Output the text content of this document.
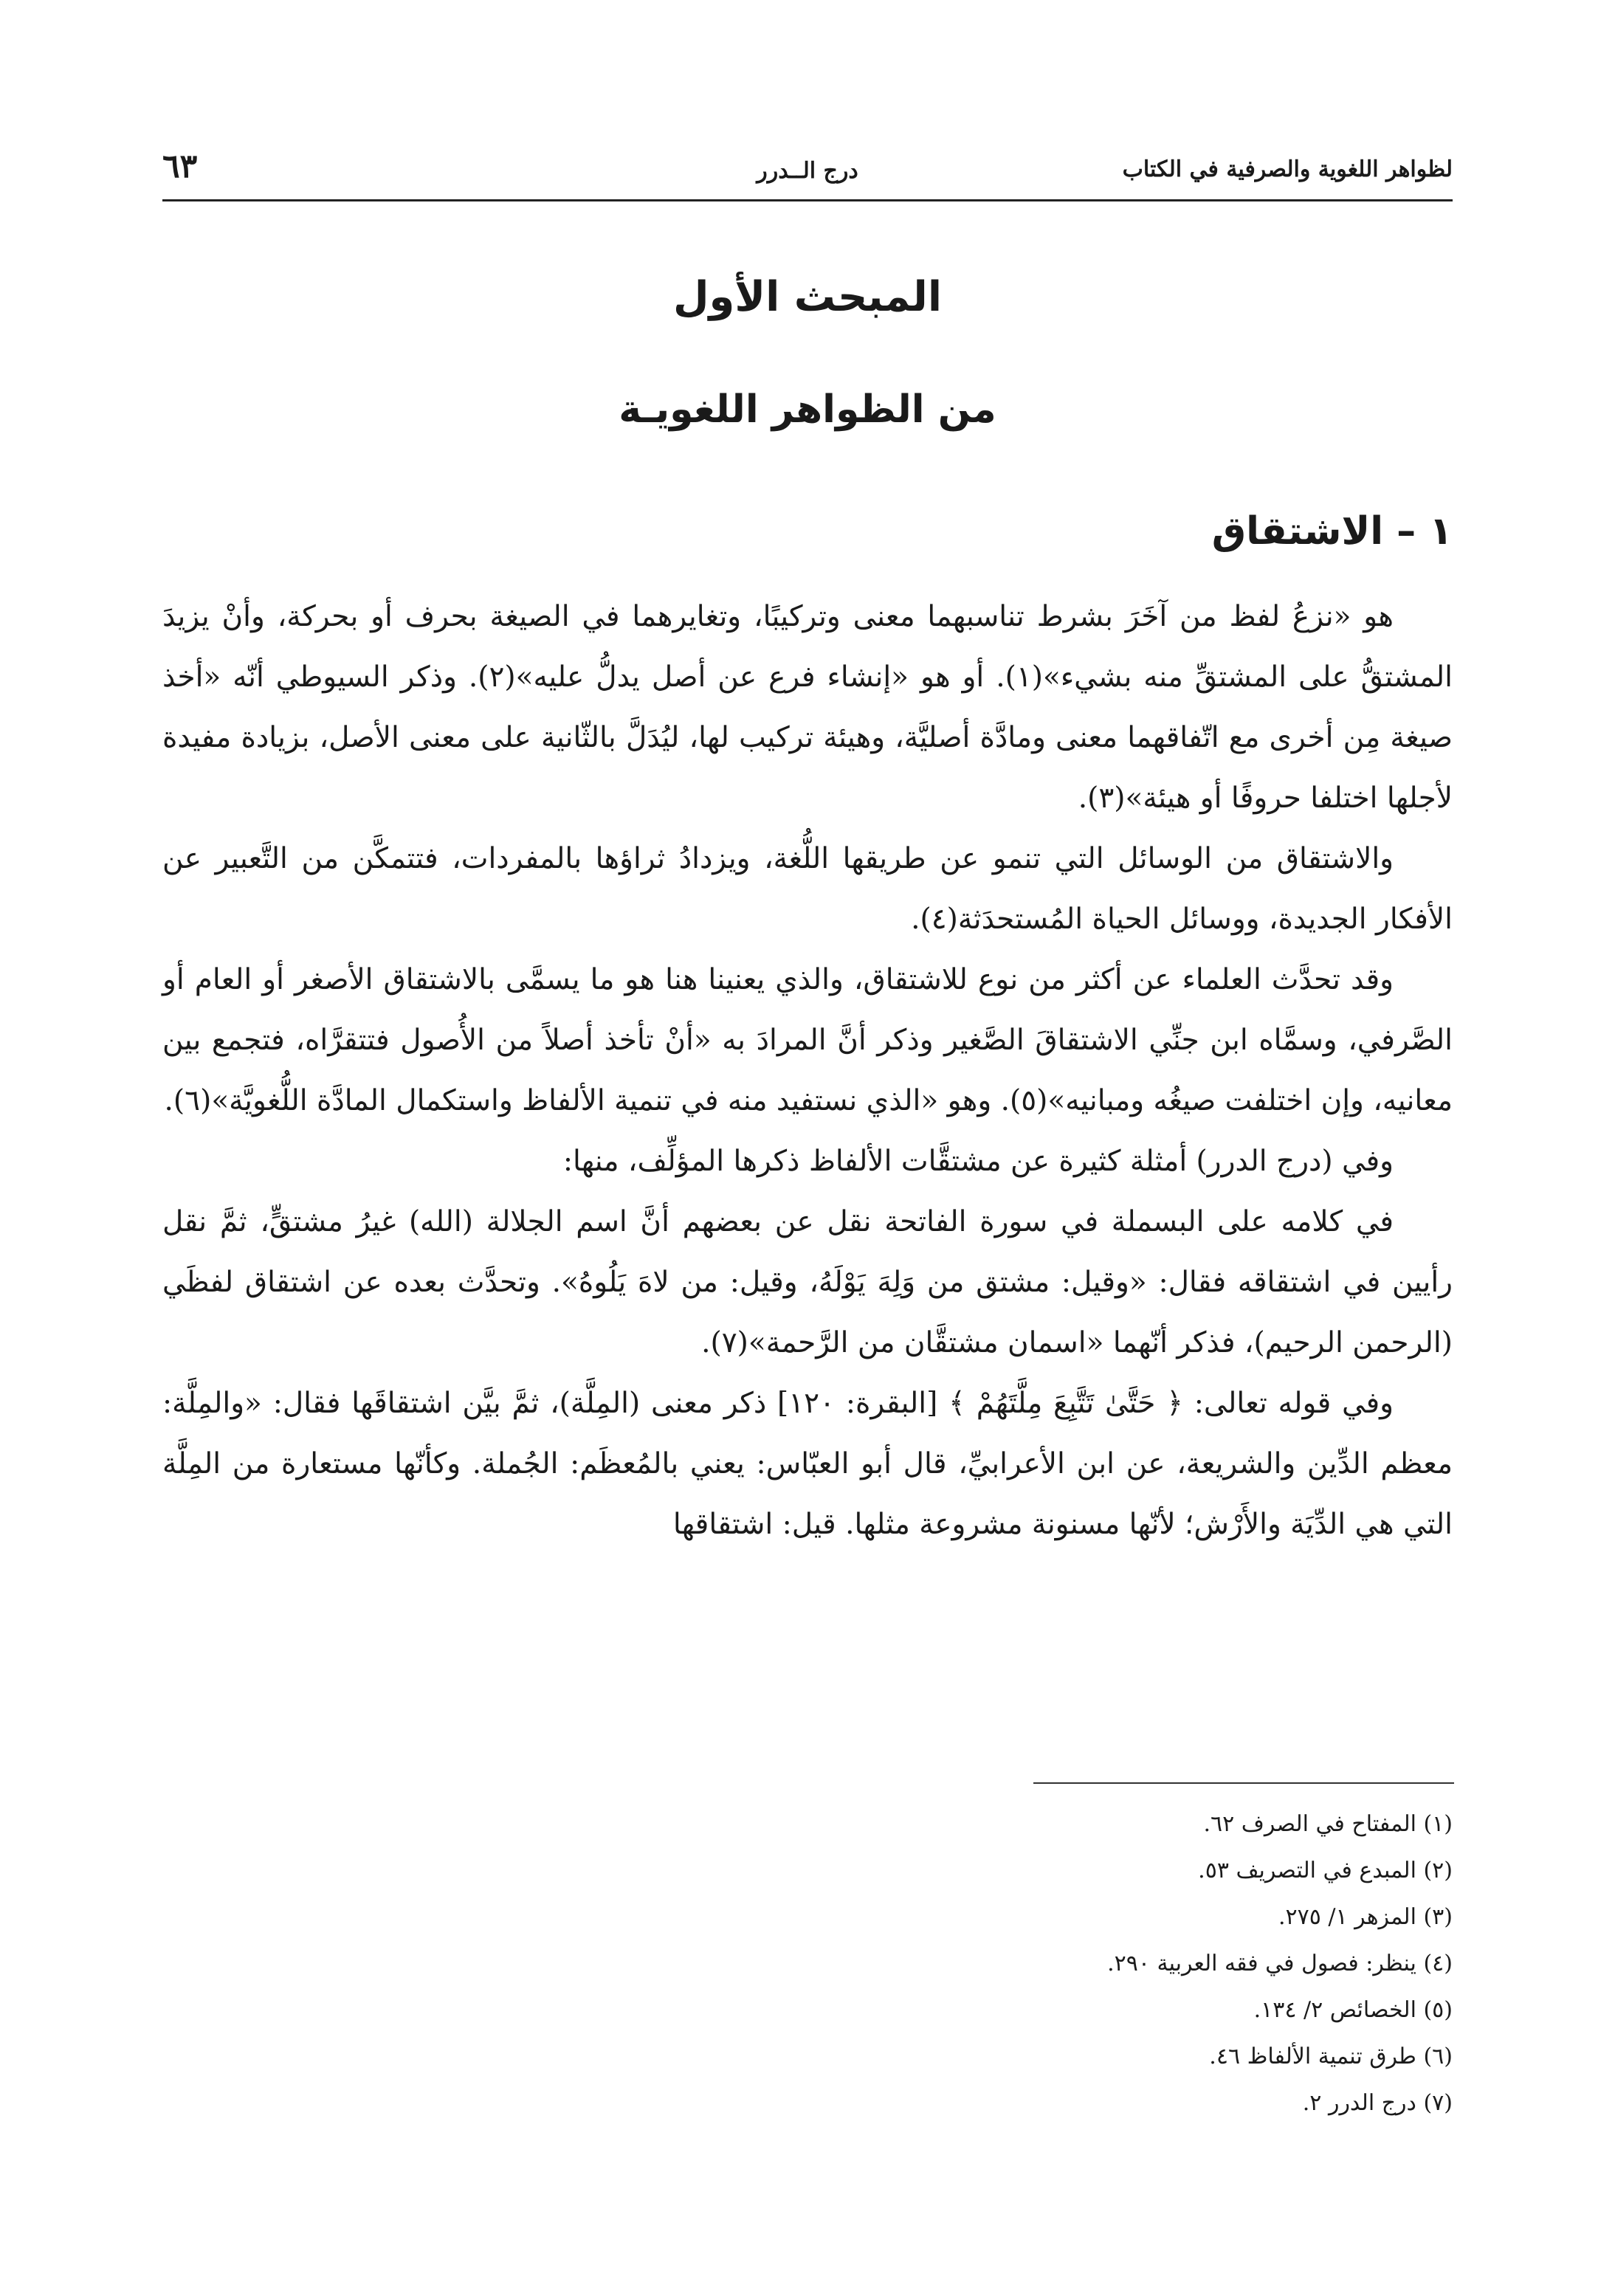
٦٣	درج الــدرر	لظواهر اللغوية والصرفية في الكتاب
المبحث الأول
من الظواهر اللغويـة
١ – الاشتقاق

هو «نزعُ لفظ من آخَرَ بشرط تناسبهما معنى وتركيبًا، وتغايرهما في الصيغة بحرف أو بحركة، وأنْ يزيدَ المشتقُّ على المشتقِّ منه بشيء»(١). أو هو «إنشاء فرع عن أصل يدلُّ عليه»(٢). وذكر السيوطي أنّه «أخذ صيغة مِن أخرى مع اتّفاقهما معنى ومادَّة أصليَّة، وهيئة تركيب لها، ليُدَلَّ بالثّانية على معنى الأصل، بزيادة مفيدة لأجلها اختلفا حروفًا أو هيئة»(٣).

والاشتقاق من الوسائل التي تنمو عن طريقها اللُّغة، ويزدادُ ثراؤها بالمفردات، فتتمكَّن من التَّعبير عن الأفكار الجديدة، ووسائل الحياة المُستحدَثة(٤).

وقد تحدَّث العلماء عن أكثر من نوع للاشتقاق، والذي يعنينا هنا هو ما يسمَّى بالاشتقاق الأصغر أو العام أو الصَّرفي، وسمَّاه ابن جنِّي الاشتقاقَ الصَّغير وذكر أنَّ المرادَ به «أنْ تأخذ أصلاً من الأُصول فتتقرَّاه، فتجمع بين معانيه، وإن اختلفت صيغُه ومبانيه»(٥). وهو «الذي نستفيد منه في تنمية الألفاظ واستكمال المادَّة اللُّغويَّة»(٦).

وفي (درج الدرر) أمثلة كثيرة عن مشتقَّات الألفاظ ذكرها المؤلِّف، منها:

في كلامه على البسملة في سورة الفاتحة نقل عن بعضهم أنَّ اسم الجلالة (الله) غيرُ مشتقٍّ، ثمَّ نقل رأيين في اشتقاقه فقال: «وقيل: مشتق من وَلِهَ يَوْلَهُ، وقيل: من لاهَ يَلُوهُ». وتحدَّث بعده عن اشتقاق لفظَي (الرحمن الرحيم)، فذكر أنّهما «اسمان مشتقَّان من الرَّحمة»(٧).

وفي قوله تعالى: ﴿ حَتَّىٰ تَتَّبِعَ مِلَّتَهُمْ ﴾ [البقرة: ١٢٠] ذكر معنى (المِلَّة)، ثمَّ بيَّن اشتقاقَها فقال: «والمِلَّة: معظم الدِّين والشريعة، عن ابن الأعرابيِّ، قال أبو العبّاس: يعني بالمُعظَم: الجُملة. وكأنّها مستعارة من المِلَّة التي هي الدِّيَة والأَرْش؛ لأنّها مسنونة مشروعة مثلها. قيل: اشتقاقها

(١) المفتاح في الصرف ٦٢.
(٢) المبدع في التصريف ٥٣.
(٣) المزهر ١/ ٢٧٥.
(٤) ينظر: فصول في فقه العربية ٢٩٠.
(٥) الخصائص ٢/ ١٣٤.
(٦) طرق تنمية الألفاظ ٤٦.
(٧) درج الدرر ٢.
